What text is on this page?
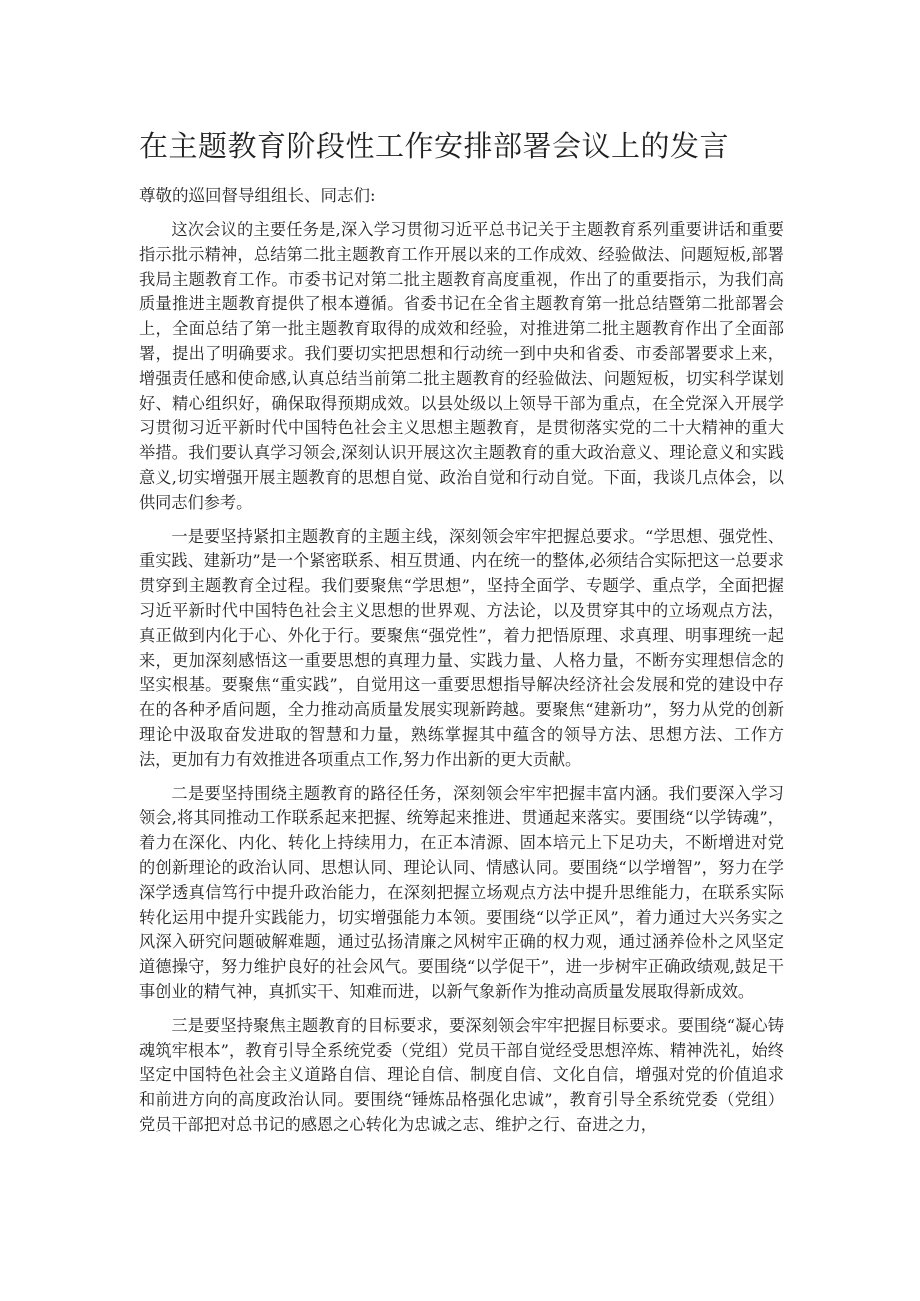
在主题教育阶段性工作安排部署会议上的发言

尊敬的巡回督导组组长、同志们:

这次会议的主要任务是,深入学习贯彻习近平总书记关于主题教育系列重要讲话和重要指示批示精神，总结第二批主题教育工作开展以来的工作成效、经验做法、问题短板,部署我局主题教育工作。市委书记对第二批主题教育高度重视，作出了的重要指示，为我们高质量推进主题教育提供了根本遵循。省委书记在全省主题教育第一批总结暨第二批部署会上，全面总结了第一批主题教育取得的成效和经验，对推进第二批主题教育作出了全面部署，提出了明确要求。我们要切实把思想和行动统一到中央和省委、市委部署要求上来，增强责任感和使命感,认真总结当前第二批主题教育的经验做法、问题短板，切实科学谋划好、精心组织好，确保取得预期成效。以县处级以上领导干部为重点，在全党深入开展学习贯彻习近平新时代中国特色社会主义思想主题教育，是贯彻落实党的二十大精神的重大举措。我们要认真学习领会,深刻认识开展这次主题教育的重大政治意义、理论意义和实践意义,切实增强开展主题教育的思想自觉、政治自觉和行动自觉。下面，我谈几点体会，以供同志们参考。

一是要坚持紧扣主题教育的主题主线，深刻领会牢牢把握总要求。“学思想、强党性、重实践、建新功”是一个紧密联系、相互贯通、内在统一的整体,必须结合实际把这一总要求贯穿到主题教育全过程。我们要聚焦“学思想”，坚持全面学、专题学、重点学，全面把握习近平新时代中国特色社会主义思想的世界观、方法论，以及贯穿其中的立场观点方法，真正做到内化于心、外化于行。要聚焦“强党性”，着力把悟原理、求真理、明事理统一起来，更加深刻感悟这一重要思想的真理力量、实践力量、人格力量，不断夯实理想信念的坚实根基。要聚焦“重实践”，自觉用这一重要思想指导解决经济社会发展和党的建设中存在的各种矛盾问题，全力推动高质量发展实现新跨越。要聚焦“建新功”，努力从党的创新理论中汲取奋发进取的智慧和力量，熟练掌握其中蕴含的领导方法、思想方法、工作方法，更加有力有效推进各项重点工作,努力作出新的更大贡献。

二是要坚持围绕主题教育的路径任务，深刻领会牢牢把握丰富内涵。我们要深入学习领会,将其同推动工作联系起来把握、统筹起来推进、贯通起来落实。要围绕“以学铸魂”，着力在深化、内化、转化上持续用力，在正本清源、固本培元上下足功夫，不断增进对党的创新理论的政治认同、思想认同、理论认同、情感认同。要围绕“以学增智”，努力在学深学透真信笃行中提升政治能力，在深刻把握立场观点方法中提升思维能力，在联系实际转化运用中提升实践能力，切实增强能力本领。要围绕“以学正风”，着力通过大兴务实之风深入研究问题破解难题，通过弘扬清廉之风树牢正确的权力观，通过涵养俭朴之风坚定道德操守，努力维护良好的社会风气。要围绕“以学促干”，进一步树牢正确政绩观,鼓足干事创业的精气神，真抓实干、知难而进，以新气象新作为推动高质量发展取得新成效。

三是要坚持聚焦主题教育的目标要求，要深刻领会牢牢把握目标要求。要围绕“凝心铸魂筑牢根本”，教育引导全系统党委（党组）党员干部自觉经受思想淬炼、精神洗礼，始终坚定中国特色社会主义道路自信、理论自信、制度自信、文化自信，增强对党的价值追求和前进方向的高度政治认同。要围绕“锤炼品格强化忠诚”，教育引导全系统党委（党组）党员干部把对总书记的感恩之心转化为忠诚之志、维护之行、奋进之力，
